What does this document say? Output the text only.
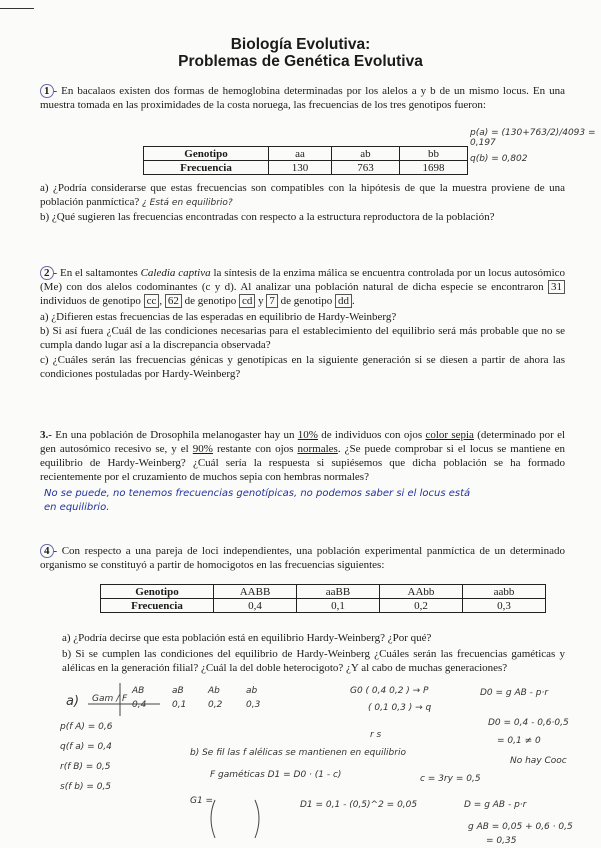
Biología Evolutiva:
Problemas de Genética Evolutiva
1 - En bacalaos existen dos formas de hemoglobina determinadas por los alelos a y b de un mismo locus. En una muestra tomada en las proximidades de la costa noruega, las frecuencias de los tres genotipos fueron:
p(a) = (130+763/2)/4093 = 0,197
q(b) = 0,802
Genotipo	aa	ab	bb
Frecuencia	130	763	1698
a) ¿Podría considerarse que estas frecuencias son compatibles con la hipótesis de que la muestra proviene de una población panmíctica? ¿ Está en equilibrio?
b) ¿Qué sugieren las frecuencias encontradas con respecto a la estructura reproductora de la población?
2 - En el saltamontes Caledia captiva la síntesis de la enzima málica se encuentra controlada por un locus autosómico (Me) con dos alelos codominantes (c y d). Al analizar una población natural de dicha especie se encontraron 31 individuos de genotipo cc , 62 de genotipo cd y 7 de genotipo dd .
a) ¿Difieren estas frecuencias de las esperadas en equilibrio de Hardy-Weinberg?
b) Si así fuera ¿Cuál de las condiciones necesarias para el establecimiento del equilibrio será más probable que no se cumpla dando lugar así a la discrepancia observada?
c) ¿Cuáles serán las frecuencias génicas y genotípicas en la siguiente generación si se diesen a partir de ahora las condiciones postuladas por Hardy-Weinberg?
3.- En una población de Drosophila melanogaster hay un 10% de individuos con ojos color sepia (determinado por el gen autosómico recesivo se, y el 90% restante con ojos normales. ¿Se puede comprobar si el locus se mantiene en equilibrio de Hardy-Weinberg? ¿Cuál sería la respuesta si supiésemos que dicha población se ha formado recientemente por el cruzamiento de muchos sepia con hembras normales?
No se puede, no tenemos frecuencias genotípicas, no podemos saber si el locus está
en equilibrio.
4 - Con respecto a una pareja de loci independientes, una población experimental panmíctica de un determinado organismo se constituyó a partir de homocigotos en las frecuencias siguientes:
Genotipo	AABB	aaBB	AAbb	aabb
Frecuencia	0,4	0,1	0,2	0,3
a) ¿Podría decirse que esta población está en equilibrio Hardy-Weinberg? ¿Por qué?
b) Si se cumplen las condiciones del equilibrio de Hardy-Weinberg ¿Cuáles serán las frecuencias gaméticas y alélicas en la generación filial? ¿Cuál la del doble heterocigoto? ¿Y al cabo de muchas generaciones?
a) Gam / F
AB	aB	Ab	ab
0,4	0,1 0,2	0,3
p(f A) = 0,6
q(f a) = 0,4
r(f B) = 0,5
s(f b) = 0,5
G0 ( 0,4 0,2 ) → P
( 0,1 0,3 ) → q
r s
D0 = g AB - p·r
D0 = 0,4 - 0,6·0,5
= 0,1 ≠ 0
No hay Cooc
b) Se fil las f alélicas se mantienen en equilibrio
F gaméticas D1 = D0 · (1 - c)	c = 3ry = 0,5
G1 =	D1 = 0,1 - (0,5)^2 = 0,05	D = g AB - p·r
g AB = 0,05 + 0,6 · 0,5
= 0,35
